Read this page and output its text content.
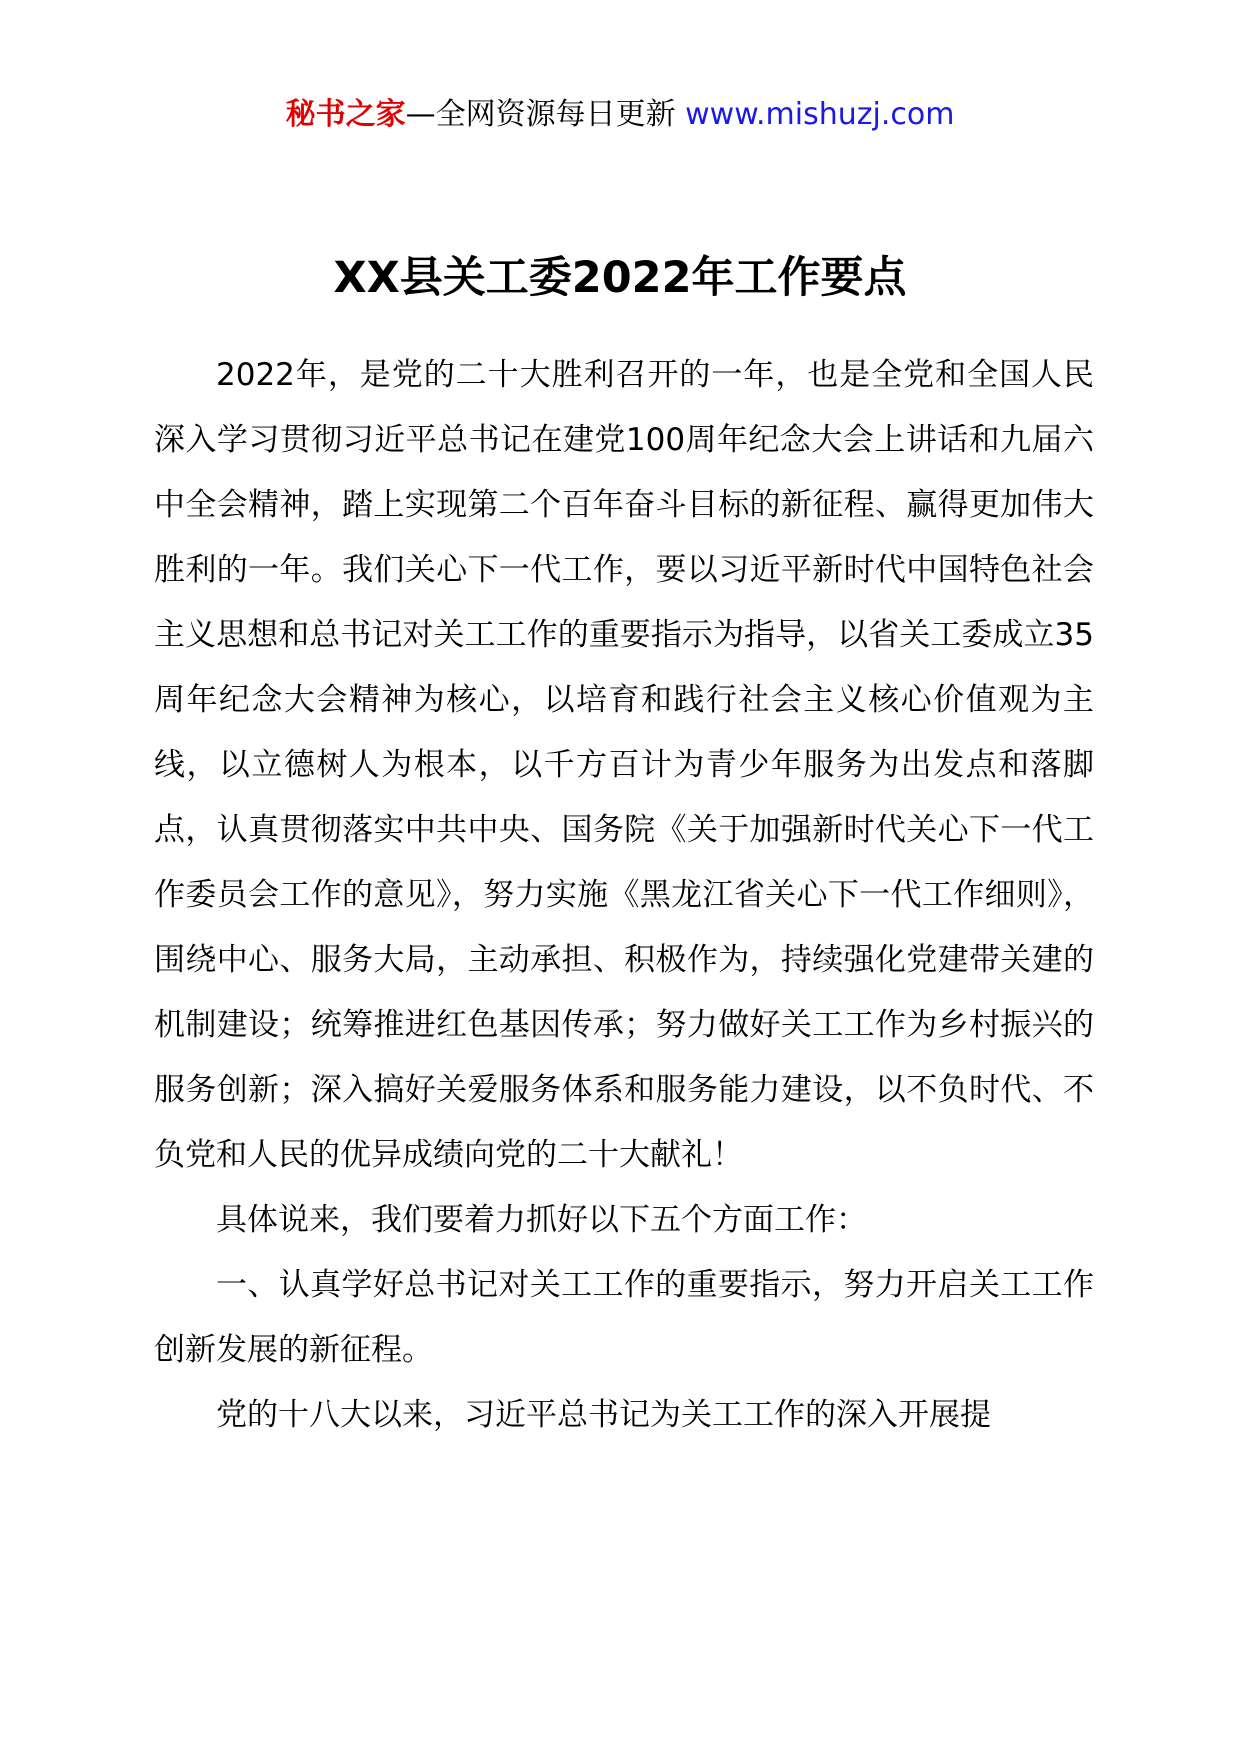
秘书之家—全网资源每日更新 www.mishuzj.com
XX县关工委2022年工作要点

2022年，是党的二十大胜利召开的一年，也是全党和全国人民深入学习贯彻习近平总书记在建党100周年纪念大会上讲话和九届六中全会精神，踏上实现第二个百年奋斗目标的新征程、赢得更加伟大胜利的一年。我们关心下一代工作，要以习近平新时代中国特色社会主义思想和总书记对关工工作的重要指示为指导，以省关工委成立35周年纪念大会精神为核心，以培育和践行社会主义核心价值观为主线，以立德树人为根本，以千方百计为青少年服务为出发点和落脚点，认真贯彻落实中共中央、国务院《关于加强新时代关心下一代工作委员会工作的意见》，努力实施《黑龙江省关心下一代工作细则》，围绕中心、服务大局，主动承担、积极作为，持续强化党建带关建的机制建设；统筹推进红色基因传承；努力做好关工工作为乡村振兴的服务创新；深入搞好关爱服务体系和服务能力建设，以不负时代、不负党和人民的优异成绩向党的二十大献礼！

具体说来，我们要着力抓好以下五个方面工作：

一、认真学好总书记对关工工作的重要指示，努力开启关工工作创新发展的新征程。

党的十八大以来，习近平总书记为关工工作的深入开展提
